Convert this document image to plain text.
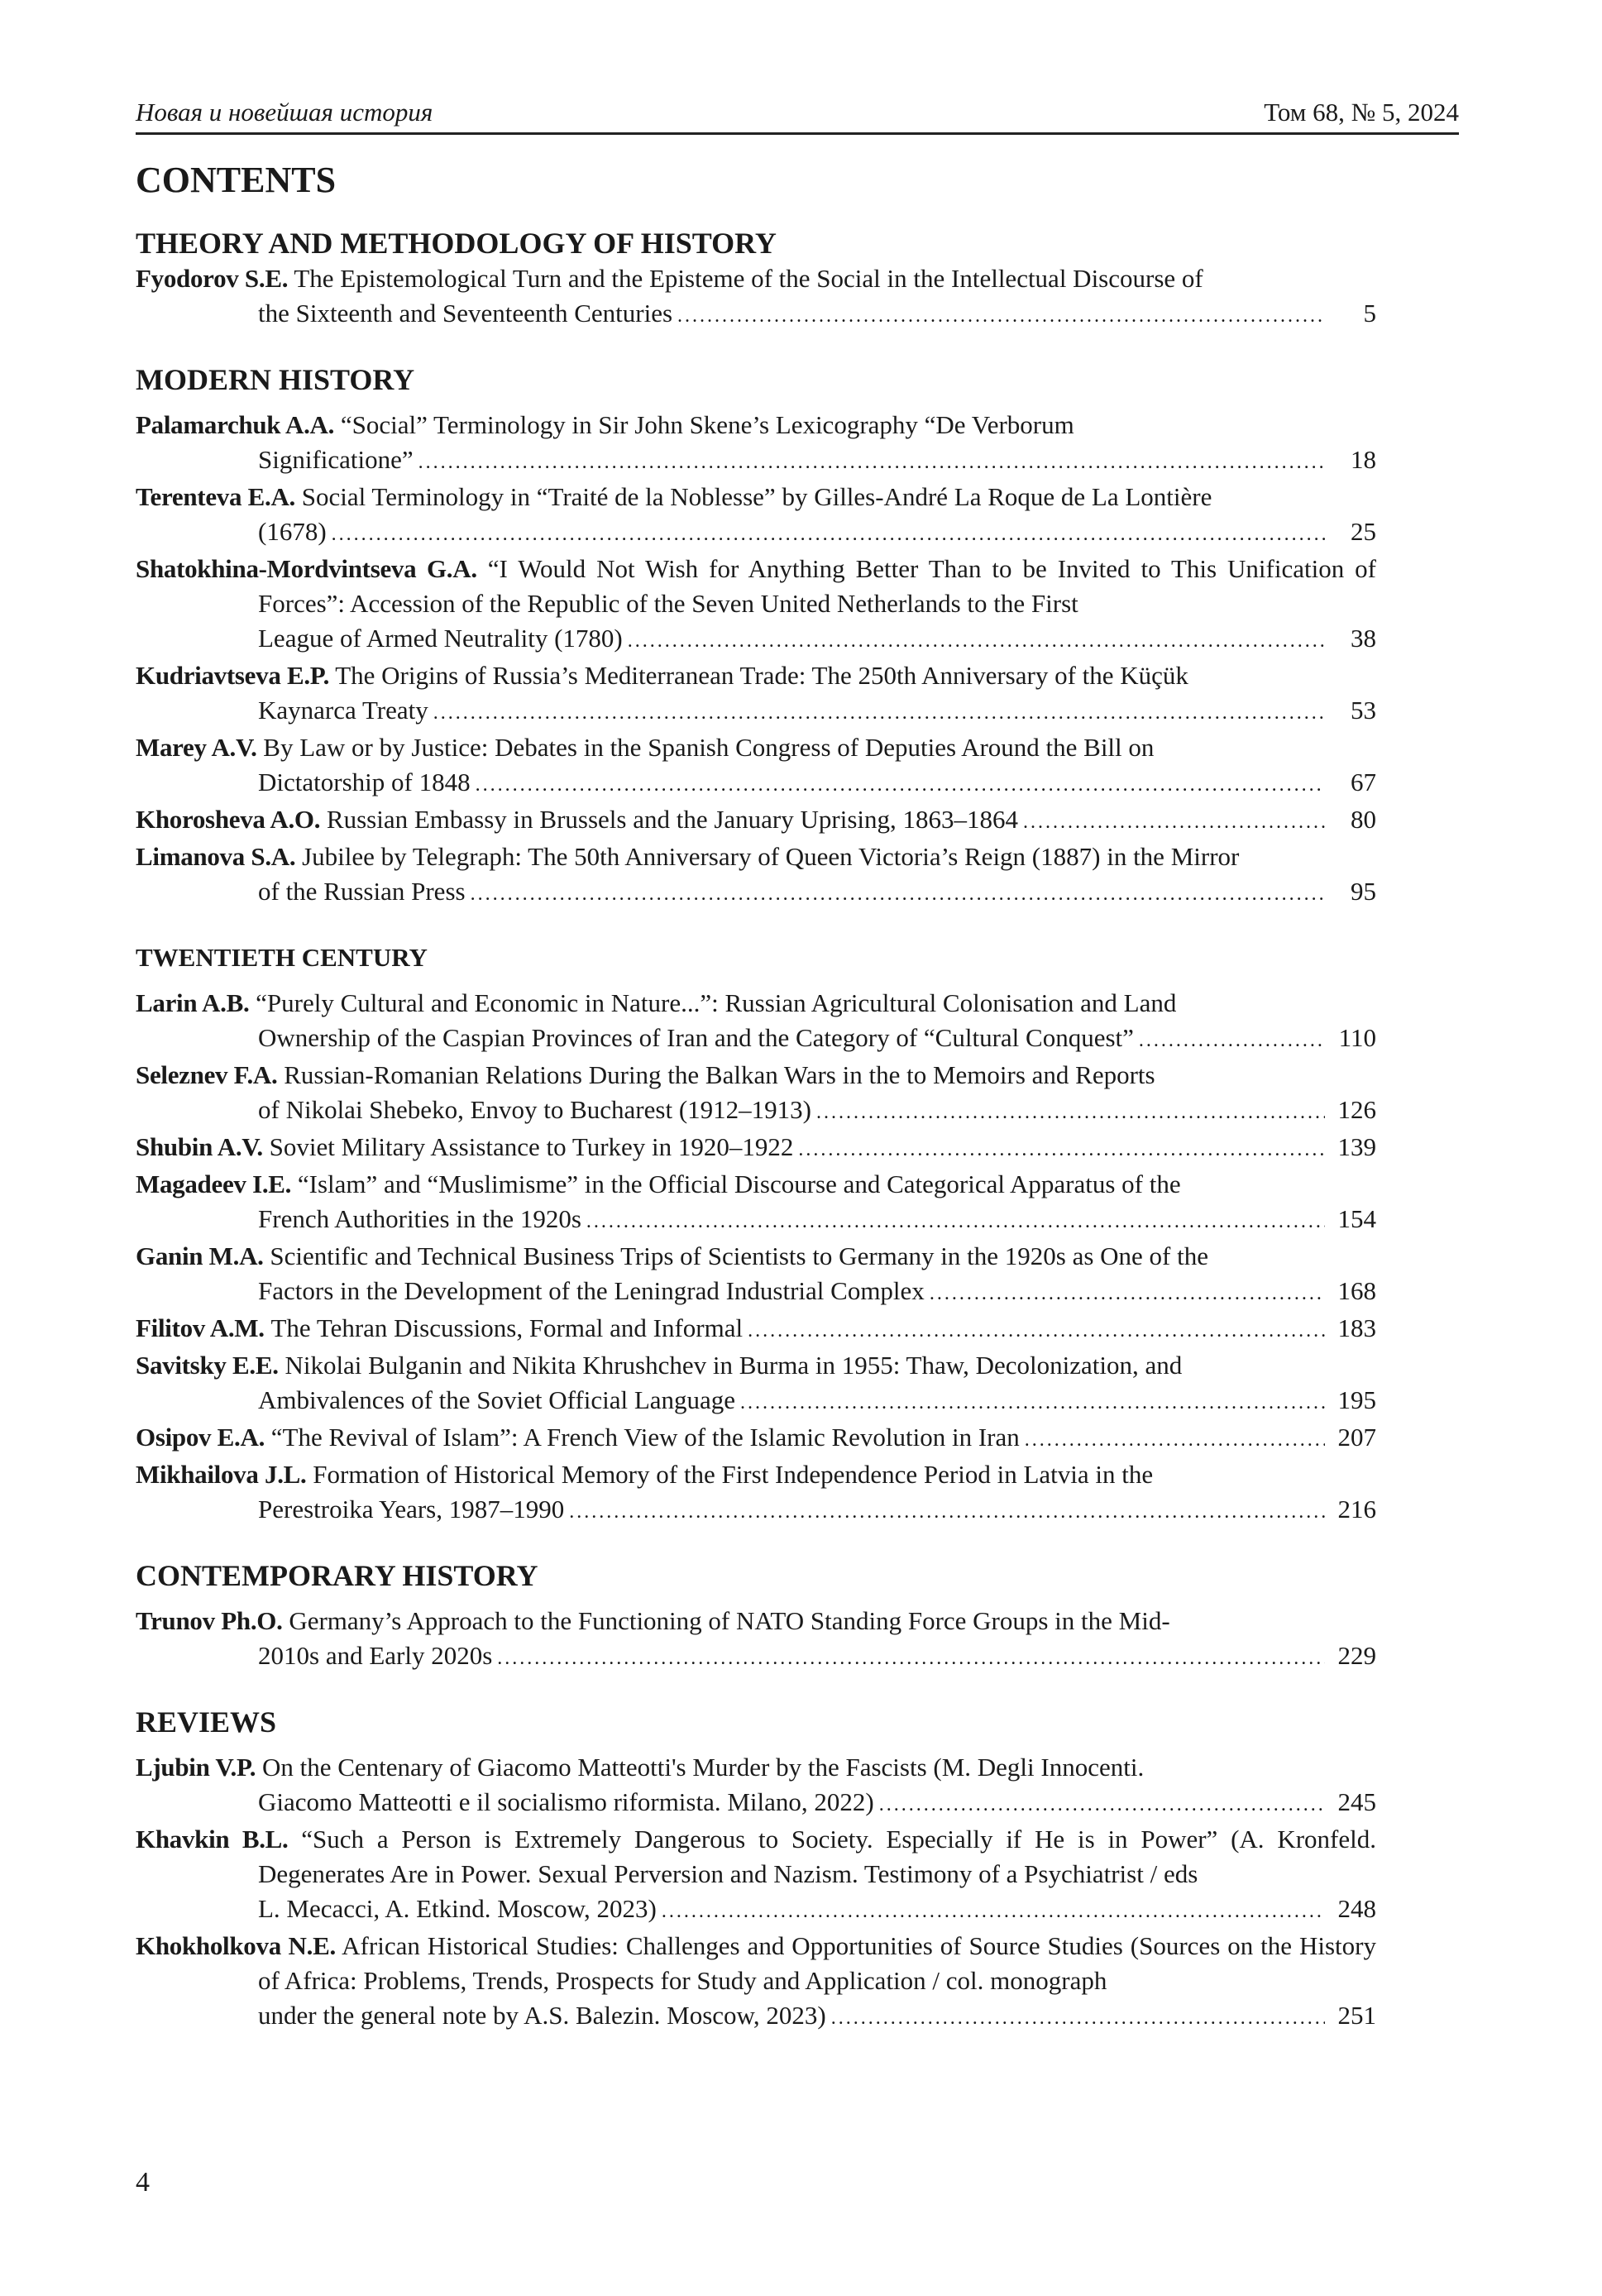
Новая и новейшая история	Том 68, № 5, 2024
CONTENTS
THEORY AND METHODOLOGY OF HISTORY
Fyodorov S.E. The Epistemological Turn and the Episteme of the Social in the Intellectual Discourse of
the Sixteenth and Seventeenth Centuries .....	5
MODERN HISTORY
Palamarchuk A.A. “Social” Terminology in Sir John Skene’s Lexicography “De Verborum
Significatione” .....	18
Terenteva E.A. Social Terminology in “Traité de la Noblesse” by Gilles-André La Roque de La Lontière
(1678) .....	25
Shatokhina-Mordvintseva G.A. “I Would Not Wish for Anything Better Than to be Invited to This Unification of Forces”: Accession of the Republic of the Seven United Netherlands to the First
League of Armed Neutrality (1780) .....	38
Kudriavtseva E.P. The Origins of Russia’s Mediterranean Trade: The 250th Anniversary of the Küçük
Kaynarca Treaty .....	53
Marey A.V. By Law or by Justice: Debates in the Spanish Congress of Deputies Around the Bill on
Dictatorship of 1848 .....	67
Khorosheva A.O.
Russian Embassy in Brussels and the January Uprising, 1863–1864 .....	80
Limanova S.A. Jubilee by Telegraph: The 50th Anniversary of Queen Victoria’s Reign (1887) in the Mirror
of the Russian Press .....	95
TWENTIETH CENTURY
Larin A.B. “Purely Cultural and Economic in Nature...”: Russian Agricultural Colonisation and Land
Ownership of the Caspian Provinces of Iran and the Category of “Cultural Conquest” .....	110
Seleznev F.A. Russian-Romanian Relations During the Balkan Wars in the to Memoirs and Reports
of Nikolai Shebeko, Envoy to Bucharest (1912–1913) .....	126
Shubin A.V.
Soviet Military Assistance to Turkey in 1920–1922 .....	139
Magadeev I.E. “Islam” and “Muslimisme” in the Official Discourse and Categorical Apparatus of the
French Authorities in the 1920s .....	154
Ganin M.A. Scientific and Technical Business Trips of Scientists to Germany in the 1920s as One of the
Factors in the Development of the Leningrad Industrial Complex .....	168
Filitov A.M.
The Tehran Discussions, Formal and Informal .....	183
Savitsky E.E. Nikolai Bulganin and Nikita Khrushchev in Burma in 1955: Thaw, Decolonization, and
Ambivalences of the Soviet Official Language .....	195
Osipov E.A.
“The Revival of Islam”: A French View of the Islamic Revolution in Iran .....	207
Mikhailova J.L. Formation of Historical Memory of the First Independence Period in Latvia in the
Perestroika Years, 1987–1990 .....	216
CONTEMPORARY HISTORY
Trunov Ph.O. Germany’s Approach to the Functioning of NATO Standing Force Groups in the Mid-
2010s and Early 2020s .....	229
REVIEWS
Ljubin V.P. On the Centenary of Giacomo Matteotti's Murder by the Fascists (M. Degli Innocenti.
Giacomo Matteotti e il socialismo riformista. Milano, 2022) .....	245
Khavkin B.L. “Such a Person is Extremely Dangerous to Society. Especially if He is in Power” (A. Kronfeld. Degenerates Are in Power. Sexual Perversion and Nazism. Testimony of a Psychiatrist / eds
L. Mecacci, A. Etkind. Moscow, 2023) .....	248
Khokholkova N.E. African Historical Studies: Challenges and Opportunities of Source Studies (Sources on the History of Africa: Problems, Trends, Prospects for Study and Application / col. monograph
under the general note by A.S. Balezin. Moscow, 2023) .....	251
4
